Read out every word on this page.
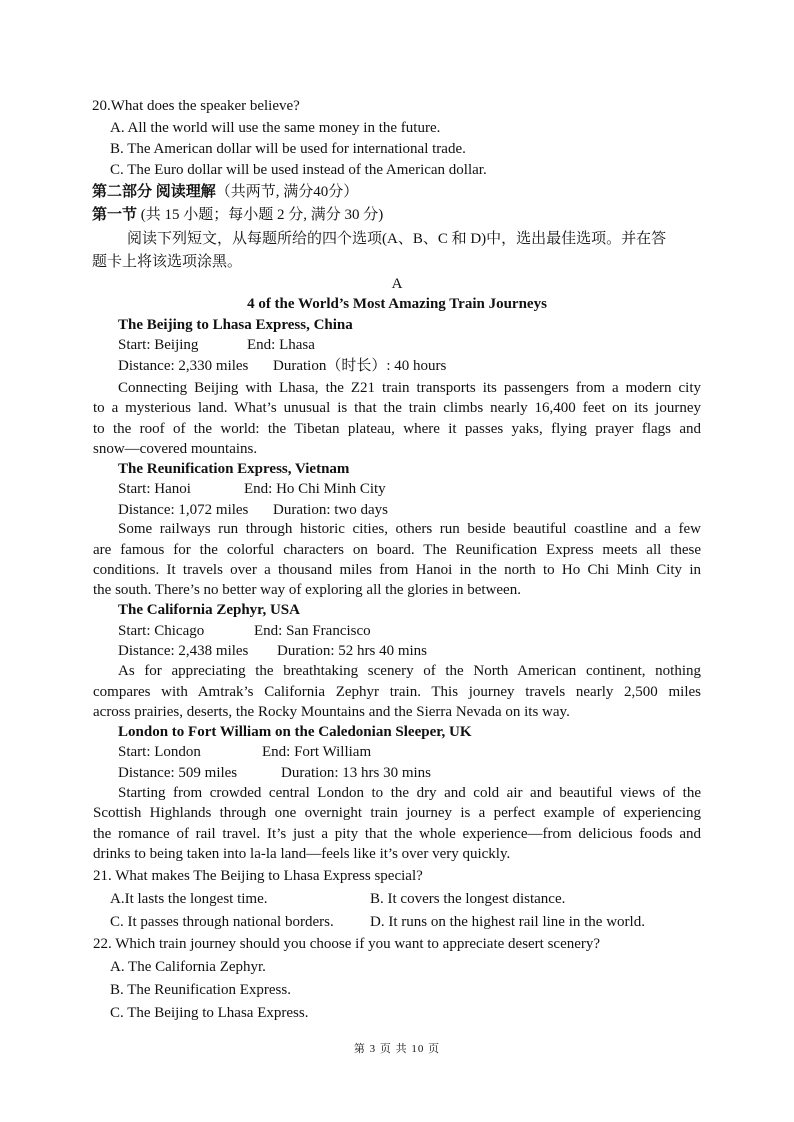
20.What does the speaker believe?
A. All the world will use the same money in the future.
B. The American dollar will be used for international trade.
C. The Euro dollar will be used instead of the American dollar.
第二部分 阅读理解（共两节, 满分40分）
第一节 (共 15 小题；每小题 2 分, 满分 30 分)
阅读下列短文，从每题所给的四个选项(A、B、C 和 D)中，选出最佳选项。并在答
题卡上将该选项涂黑。
A
4 of the World’s Most Amazing Train Journeys
The Beijing to Lhasa Express, China
Start: Beijing	End: Lhasa
Distance: 2,330 miles Duration（时长）: 40 hours
Connecting Beijing with Lhasa, the Z21 train transports its passengers from a modern city
to a mysterious land. What’s unusual is that the train climbs nearly 16,400 feet on its journey
to the roof of the world: the Tibetan plateau, where it passes yaks, flying prayer flags and
snow—covered mountains.
The Reunification Express, Vietnam
Start: Hanoi	End: Ho Chi Minh City
Distance: 1,072 miles Duration: two days
Some railways run through historic cities, others run beside beautiful coastline and a few
are famous for the colorful characters on board. The Reunification Express meets all these
conditions. It travels over a thousand miles from Hanoi in the north to Ho Chi Minh City in
the south. There’s no better way of exploring all the glories in between.
The California Zephyr, USA
Start: Chicago	End: San Francisco
Distance: 2,438 miles Duration: 52 hrs 40 mins
As for appreciating the breathtaking scenery of the North American continent, nothing
compares with Amtrak’s California Zephyr train. This journey travels nearly 2,500 miles
across prairies, deserts, the Rocky Mountains and the Sierra Nevada on its way.
London to Fort William on the Caledonian Sleeper, UK
Start: London	End: Fort William
Distance: 509 miles	Duration: 13 hrs 30 mins
Starting from crowded central London to the dry and cold air and beautiful views of the
Scottish Highlands through one overnight train journey is a perfect example of experiencing
the romance of rail travel. It’s just a pity that the whole experience—from delicious foods and
drinks to being taken into la-la land—feels like it’s over very quickly.
21. What makes The Beijing to Lhasa Express special?
A.It lasts the longest time.	B. It covers the longest distance.
C. It passes through national borders. D. It runs on the highest rail line in the world.
22. Which train journey should you choose if you want to appreciate desert scenery?
A. The California Zephyr.
B. The Reunification Express.
C. The Beijing to Lhasa Express.
第 3 页 共 10 页
